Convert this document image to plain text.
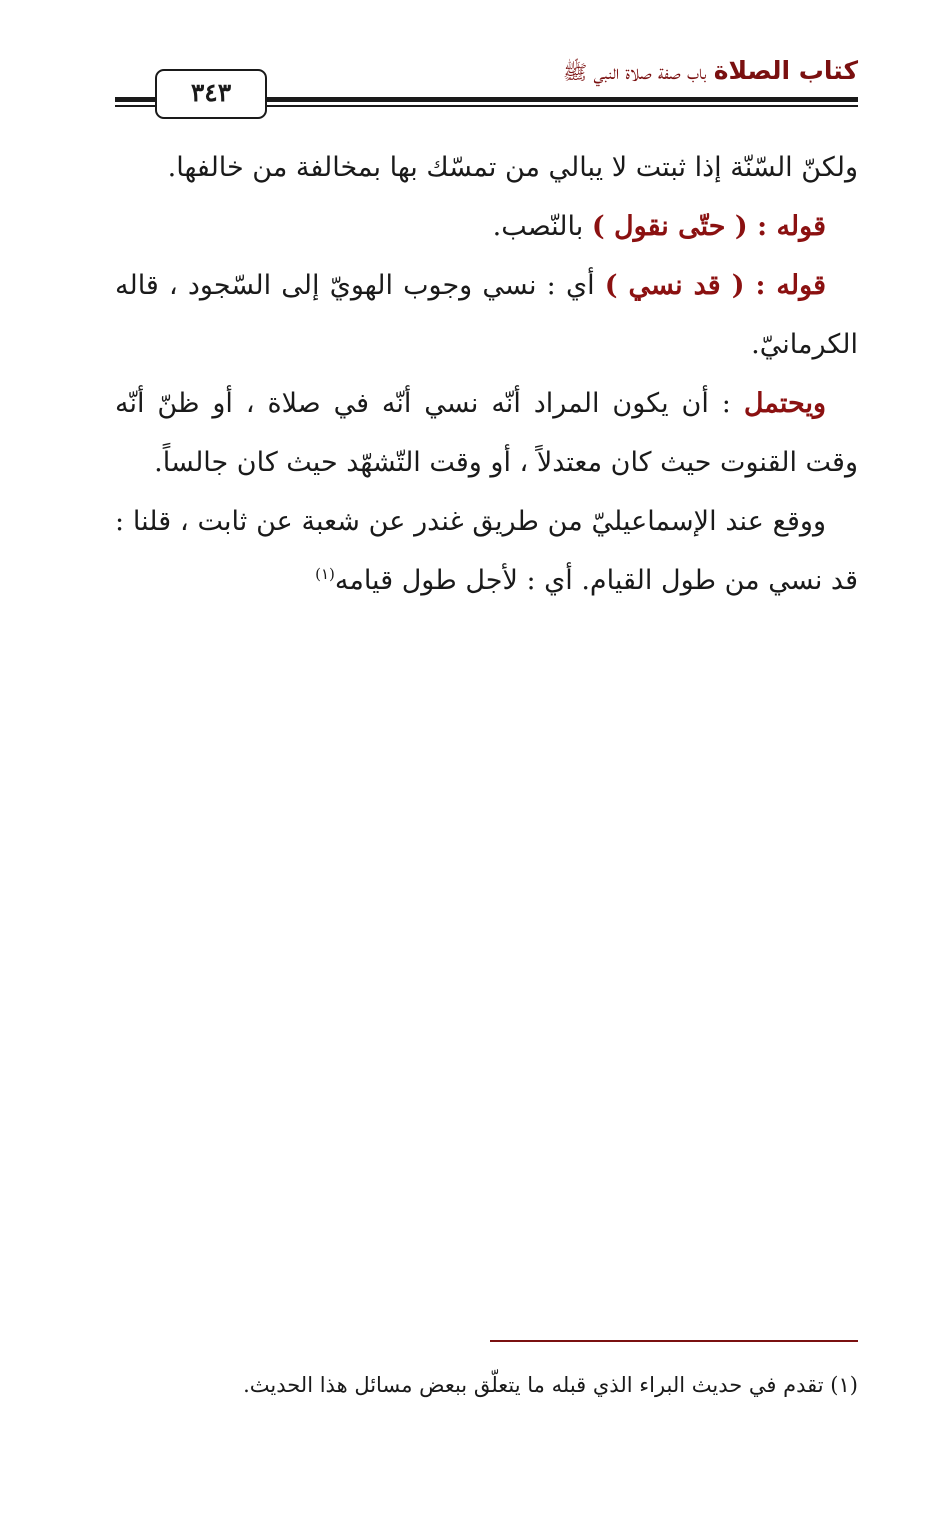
كتاب الصلاة باب صفة صلاة النبي ﷺ
٣٤٣

ولكنّ السّنّة إذا ثبتت لا يبالي من تمسّك بها بمخالفة من خالفها.

قوله : ( حتّى نقول ) بالنّصب.

قوله : ( قد نسي ) أي : نسي وجوب الهويّ إلى السّجود ، قاله الكرمانيّ.

ويحتمل : أن يكون المراد أنّه نسي أنّه في صلاة ، أو ظنّ أنّه وقت القنوت حيث كان معتدلاً ، أو وقت التّشهّد حيث كان جالساً.

ووقع عند الإسماعيليّ من طريق غندر عن شعبة عن ثابت ، قلنا : قد نسي من طول القيام. أي : لأجل طول قيامه$^{(١)}$

(١) تقدم في حديث البراء الذي قبله ما يتعلّق ببعض مسائل هذا الحديث.
